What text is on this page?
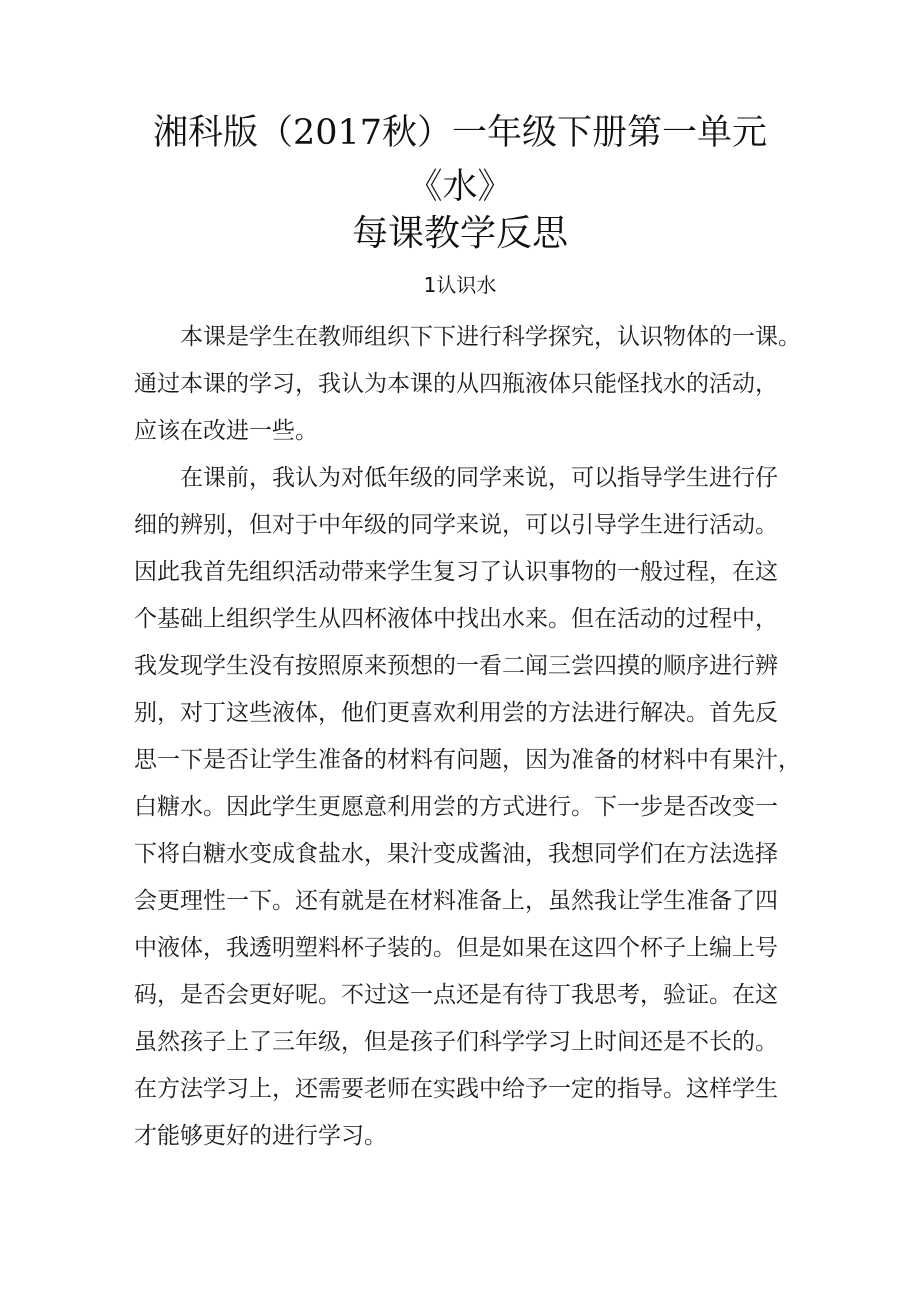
湘科版（2017秋）一年级下册第一单元
《水》
每课教学反思
1认识水
本课是学生在教师组织下下进行科学探究，认识物体的一课。
通过本课的学习，我认为本课的从四瓶液体只能怪找水的活动，
应该在改进一些。
在课前，我认为对低年级的同学来说，可以指导学生进行仔
细的辨别，但对于中年级的同学来说，可以引导学生进行活动。
因此我首先组织活动带来学生复习了认识事物的一般过程，在这
个基础上组织学生从四杯液体中找出水来。但在活动的过程中，
我发现学生没有按照原来预想的一看二闻三尝四摸的顺序进行辨
别，对丁这些液体，他们更喜欢利用尝的方法进行解决。首先反
思一下是否让学生准备的材料有问题，因为准备的材料中有果汁，
白糖水。因此学生更愿意利用尝的方式进行。下一步是否改变一
下将白糖水变成食盐水，果汁变成酱油，我想同学们在方法选择
会更理性一下。还有就是在材料准备上，虽然我让学生准备了四
中液体，我透明塑料杯子装的。但是如果在这四个杯子上编上号
码，是否会更好呢。不过这一点还是有待丁我思考，验证。在这
虽然孩子上了三年级，但是孩子们科学学习上时间还是不长的。
在方法学习上，还需要老师在实践中给予一定的指导。这样学生
才能够更好的进行学习。
